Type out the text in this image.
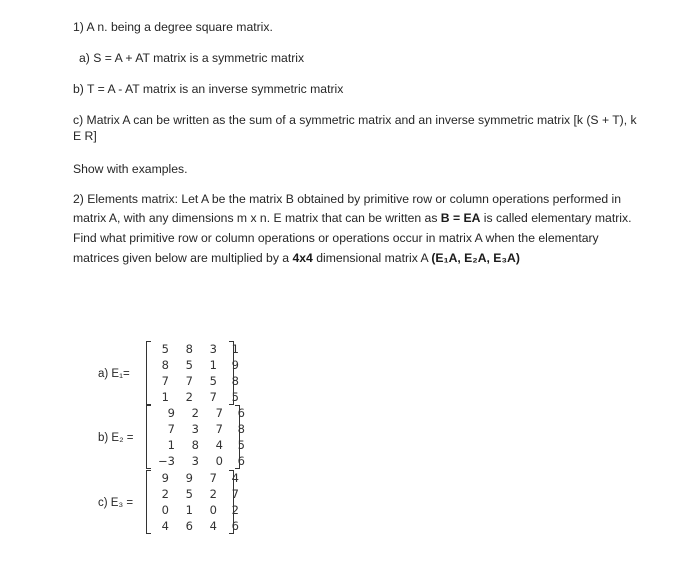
1) A n. being a degree square matrix.
a) S = A + AT matrix is a symmetric matrix
b) T = A - AT matrix is an inverse symmetric matrix
c) Matrix A can be written as the sum of a symmetric matrix and an inverse symmetric matrix [k (S + T), k
E R]
Show with examples.
2) Elements matrix: Let A be the matrix B obtained by primitive row or column operations performed in
matrix A, with any dimensions m x n. E matrix that can be written as B = EA is called elementary matrix.
Find what primitive row or column operations or operations occur in matrix A when the elementary
matrices given below are multiplied by a 4x4 dimensional matrix A (E₁A, E₂A, E₃A)
a) E₁=
5	8	3	1
8	5	1	9
7	7	5	8
1	2	7	5
b) E₂ =
9	2	7	6
7	3	7	8
1	8	4	5
−3	3	0	6
c) E₃ =
9	9	7	4
2	5	2	7
0	1	0	2
4	6	4	6
